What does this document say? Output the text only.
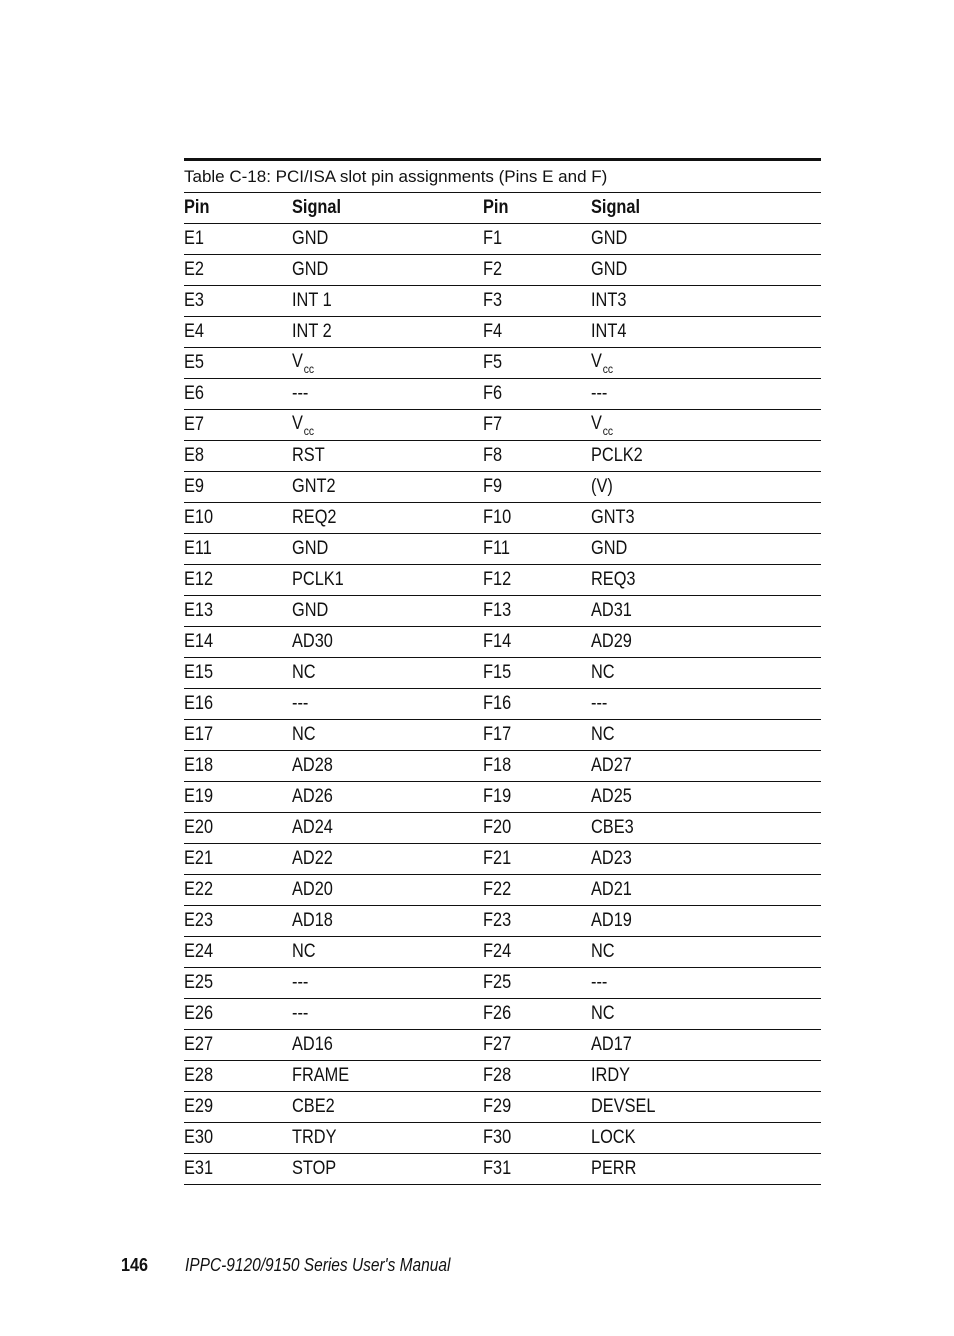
Table C-18: PCI/ISA slot pin assignments (Pins E and F)
Pin	Signal	Pin	Signal
E1	GND	F1	GND
E2	GND	F2	GND
E3	INT 1	F3	INT3
E4	INT 2	F4	INT4
E5	$V_{cc}$	F5	$V_{cc}$
E6	---	F6	---
E7	$V_{cc}$	F7	$V_{cc}$
E8	RST	F8	PCLK2
E9	GNT2	F9	(V)
E10	REQ2	F10	GNT3
E11	GND	F11	GND
E12	PCLK1	F12	REQ3
E13	GND	F13	AD31
E14	AD30	F14	AD29
E15	NC	F15	NC
E16	---	F16	---
E17	NC	F17	NC
E18	AD28	F18	AD27
E19	AD26	F19	AD25
E20	AD24	F20	CBE3
E21	AD22	F21	AD23
E22	AD20	F22	AD21
E23	AD18	F23	AD19
E24	NC	F24	NC
E25	---	F25	---
E26	---	F26	NC
E27	AD16	F27	AD17
E28	FRAME	F28	IRDY
E29	CBE2	F29	DEVSEL
E30	TRDY	F30	LOCK
E31	STOP	F31	PERR
146 IPPC-9120/9150 Series User's Manual
